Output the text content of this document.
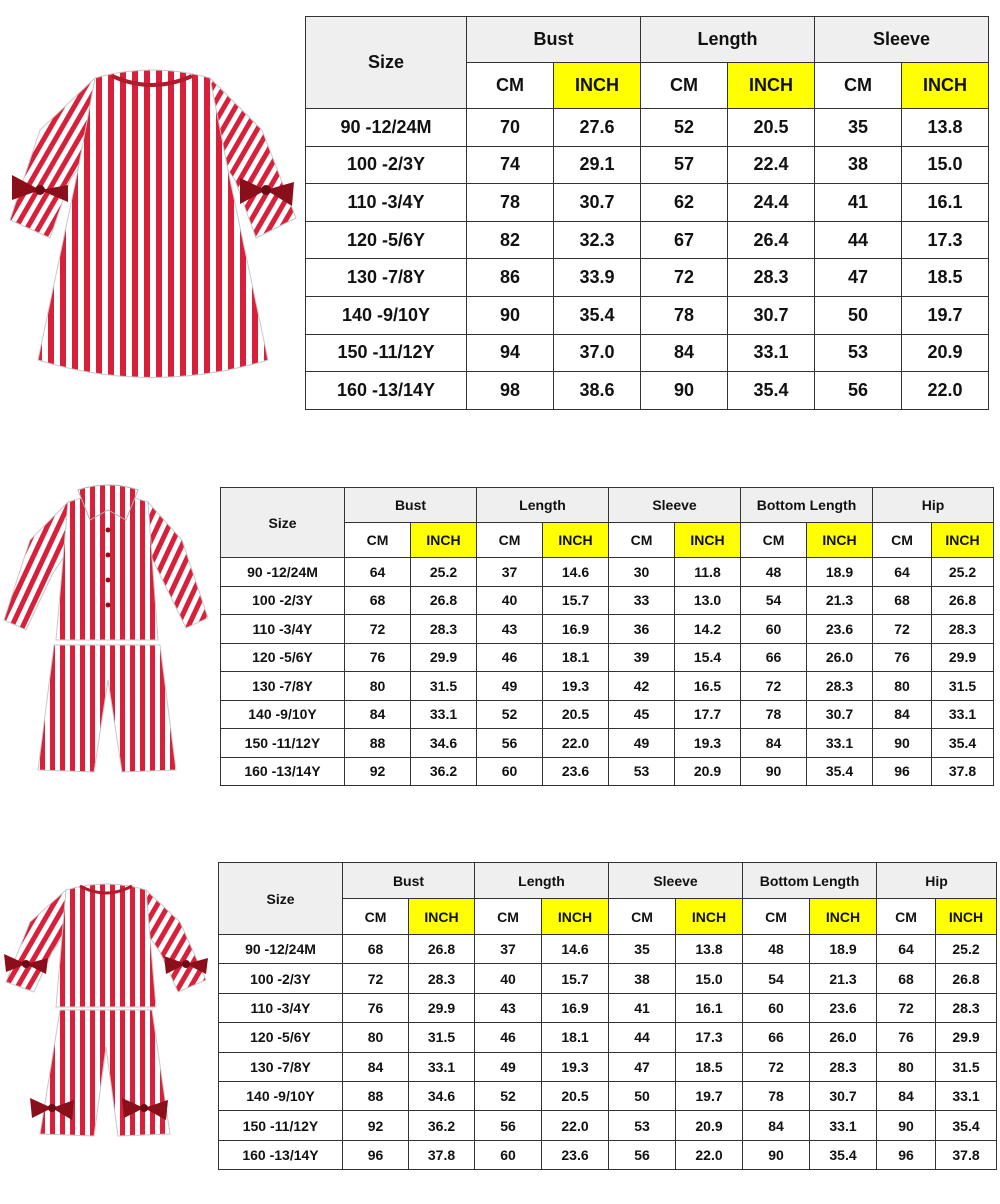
Size	Bust		Length		Sleeve	
	CM	INCH	CM	INCH	CM	INCH
90 -12/24M	70	27.6	52	20.5	35	13.8
100 -2/3Y	74	29.1	57	22.4	38	15.0
110 -3/4Y	78	30.7	62	24.4	41	16.1
120 -5/6Y	82	32.3	67	26.4	44	17.3
130 -7/8Y	86	33.9	72	28.3	47	18.5
140 -9/10Y	90	35.4	78	30.7	50	19.7
150 -11/12Y	94	37.0	84	33.1	53	20.9
160 -13/14Y	98	38.6	90	35.4	56	22.0
Size	Bust		Length		Sleeve		Bottom Length		Hip	
	CM	INCH	CM	INCH	CM	INCH	CM	INCH	CM	INCH
90 -12/24M	64	25.2	37	14.6	30	11.8	48	18.9	64	25.2
100 -2/3Y	68	26.8	40	15.7	33	13.0	54	21.3	68	26.8
110 -3/4Y	72	28.3	43	16.9	36	14.2	60	23.6	72	28.3
120 -5/6Y	76	29.9	46	18.1	39	15.4	66	26.0	76	29.9
130 -7/8Y	80	31.5	49	19.3	42	16.5	72	28.3	80	31.5
140 -9/10Y	84	33.1	52	20.5	45	17.7	78	30.7	84	33.1
150 -11/12Y	88	34.6	56	22.0	49	19.3	84	33.1	90	35.4
160 -13/14Y	92	36.2	60	23.6	53	20.9	90	35.4	96	37.8
Size	Bust		Length		Sleeve		Bottom Length		Hip	
	CM	INCH	CM	INCH	CM	INCH	CM	INCH	CM	INCH
90 -12/24M	68	26.8	37	14.6	35	13.8	48	18.9	64	25.2
100 -2/3Y	72	28.3	40	15.7	38	15.0	54	21.3	68	26.8
110 -3/4Y	76	29.9	43	16.9	41	16.1	60	23.6	72	28.3
120 -5/6Y	80	31.5	46	18.1	44	17.3	66	26.0	76	29.9
130 -7/8Y	84	33.1	49	19.3	47	18.5	72	28.3	80	31.5
140 -9/10Y	88	34.6	52	20.5	50	19.7	78	30.7	84	33.1
150 -11/12Y	92	36.2	56	22.0	53	20.9	84	33.1	90	35.4
160 -13/14Y	96	37.8	60	23.6	56	22.0	90	35.4	96	37.8
